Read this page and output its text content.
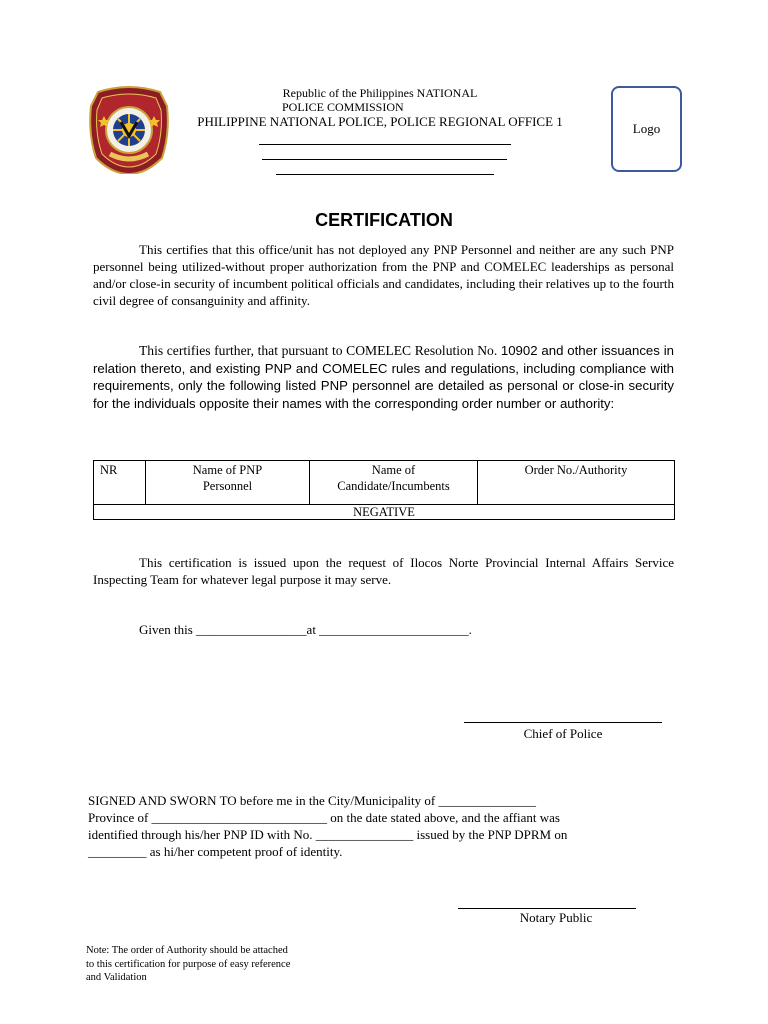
Republic of the Philippines NATIONAL
POLICE COMMISSION
PHILIPPINE NATIONAL POLICE, POLICE REGIONAL OFFICE 1	Logo
CERTIFICATION
This certifies that this office/unit has not deployed any PNP Personnel and neither are any such PNP personnel being utilized-without proper authorization from the PNP and COMELEC leaderships as personal and/or close-in security of incumbent political officials and candidates, including their relatives up to the fourth civil degree of consanguinity and affinity.
This certifies further, that pursuant to COMELEC Resolution No. 10902 and other issuances in relation thereto, and existing PNP and COMELEC rules and regulations, including compliance with requirements, only the following listed PNP personnel are detailed as personal or close-in security for the individuals opposite their names with the corresponding order number or authority:
NR	Name of PNP Personnel
Name of Candidate/Incumbents
Order No./Authority
NEGATIVE
This certification is issued upon the request of Ilocos Norte Provincial Internal Affairs Service Inspecting Team for whatever legal purpose it may serve.
Given this _________________at _______________________.
Chief of Police
SIGNED AND SWORN TO before me in the City/Municipality of _______________
Province of ___________________________ on the date stated above, and the affiant was
identified through his/her PNP ID with No. _______________ issued by the PNP DPRM on
_________ as hi/her competent proof of identity.
Notary Public
Note: The order of Authority should be attached
to this certification for purpose of easy reference
and Validation
